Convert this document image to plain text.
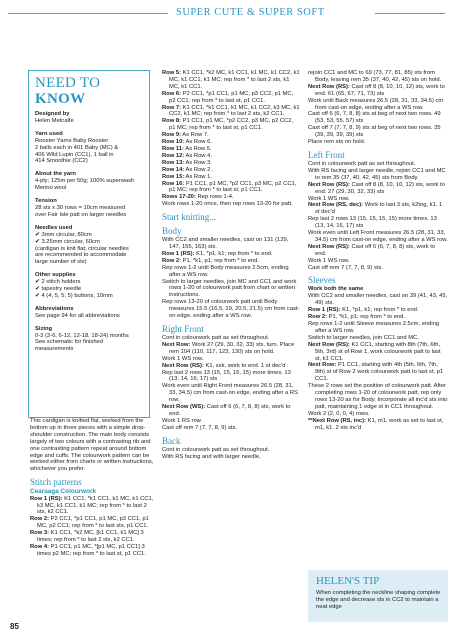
SUPER CUTE & SUPER SOFT
NEED TO KNOW
Designed by
Helen Metcalfe
Yarn used
Rooster Yarns Baby Rooster
2 balls each in 401 Baby (MC) &
406 Wild Lupin (CC1), 1 ball in
414 Smoothie (CC2)
About the yarn
4-ply; 125m per 50g; 100% superwash
Merino wool
Tension
28 sts x 30 rows = 10cm measured
over Fair Isle patt on larger needles
Needles used
✔ 3mm circular, 80cm
✔ 3.25mm circular, 60cm
(cardigan is knit flat; circular needles
are recommended to accommodate
large number of sts)
Other supplies
✔ 2 stitch holders
✔ tapestry needle
✔ 4 (4, 5, 5, 5) buttons, 10mm
Abbreviations
See page 94 for all abbreviations
Sizing
0-3 (3-6, 6-12, 12-18, 18-24) months
See schematic for finished
measurements

This cardigan is knitted flat, worked from the bottom up in three pieces with a simple drop-shoulder construction. The main body consists largely of two colours with a contrasting rib and one contrasting pattern repeat around bottom edge and cuffs. The colourwork pattern can be worked either from charts or written instructions, whichever you prefer.

Stitch patterns
Cearaaga Colourwork

Row 1 (RS): K1 CC1, *k1 CC1, k1 MC, k1 CC1, k3 MC, k1 CC1, k1 MC; rep from * to last 2 sts, k2 CC1.

Row 2: P2 CC1, *p1 CC1, p1 MC, p3 CC1, p1 MC, p2 CC1; rep from * to last sts, p1 CC1.

Row 3: K1 CC1, *k2 MC, [k1 CC1, k1 MC] 3 times; rep from * to last 2 sts, k2 CC1.

Row 4: P1 CC1, p1 MC, *[p1 MC, p1 CC1] 3 times p2 MC; rep from * to last st, p1 CC1.

Row 5: K1 CC1, *k2 MC, k1 CC1, k1 MC, k1 CC2, k1 MC, k1 CC1, k1 MC; rep from * to last 2 sts, k1 MC, k1 CC1.

Row 6: P2 CC1, *p1 CC1, p1 MC, p3 CC2, p1 MC, p2 CC1; rep from * to last st, p1 CC1.

Row 7: K1 CC1, *k1 CC1, k1 MC, k1 CC2, k3 MC, k1 CC2, k1 MC; rep from * to last 2 sts, k2 CC1.

Row 8: P1 CC1, p1 MC, *p2 CC2, p3 MC, p2 CC2, p1 MC; rep from * to last st, p1 CC1.

Row 9: As Row 7.

Row 10: As Row 6.

Row 11: As Row 5.

Row 12: As Row 4.

Row 13: As Row 3.

Row 14: As Row 2.

Row 15: As Row 1.

Row 16: P1 CC1, p1 MC, *p2 CC1, p3 MC, p2 CC1, p1 MC; rep from * to last st, p1 CC1.

Rows 17-20: Rep rows 1-4.

Work rows 1-20 once, then rep rows 13-20 for patt.

Start knitting...
Body

With CC2 and smaller needles, cast on 131 (139, 147, 155, 163) sts.

Row 1 (RS): K1, *p1, k1; rep from * to end.

Row 2: P1, *k1, p1; rep from * to end.

Rep rows 1-2 until Body measures 2.5cm, ending after a WS row.

Switch to larger needles, join MC and CC1 and work rows 1-20 of colourwork patt from chart or written instructions.

Rep rows 13-20 of colourwork patt until Body measures 15.5 (16.5, 19, 20.5, 21.5) cm from cast-on edge, ending after a WS row.

Right Front

Cont in colourwork patt as set throughout.

Next Row: Work 27 (29, 30, 32, 33) sts, turn. Place rem 104 (110, 117, 123, 130) sts on hold.

Work 1 WS row.

Next Row (RS): K1, ssk, work to end. 1 st dec'd

Rep last 2 rows 13 (15, 15, 15, 15) more times. 13 (13, 14, 16, 17) sts

Work even until Right Front measures 26.5 (28, 31, 33, 34.5) cm from cast-on edge, ending after a RS row.

Next Row (WS): Cast off 6 (6, 7, 8, 8) sts, work to end.

Work 1 RS row.

Cast off rem 7 (7, 7, 8, 9) sts.

Back

Cont in colourwork patt as set throughout.

With RS facing and with larger needle,

rejoin CC1 and MC to 69 (73, 77, 81, 85) sts from Body, leaving rem 35 (37, 40, 42, 45) sts on hold.

Next Row (RS): Cast off 8 (8, 10, 10, 12) sts, work to end. 61 (65, 67, 71, 73) sts

Work until Back measures 26.5 (28, 31, 33, 34.5) cm from cast-on edge, ending after a WS row.

Cast off 6 (6, 7, 8, 8) sts at beg of next two rows. 49 (53, 53, 55, 57) sts

Cast off 7 (7, 7, 8, 9) sts at beg of next two rows. 35 (39, 39, 39, 39) sts

Place rem sts on hold.

Left Front

Cont in colourwork patt as set throughout.

With RS facing and larger needle, rejoin CC1 and MC to rem 35 (37, 40, 42, 45) sts from Body.

Next Row (RS): Cast off 8 (8, 10, 10, 12) sts, work to end. 27 (29, 30, 32, 33) sts

Work 1 WS row.

Next Row (RS, dec): Work to last 3 sts, k2tog, k1. 1 st dec'd

Rep last 2 rows 13 (15, 15, 15, 15) more times. 13 (13, 14, 16, 17) sts

Work even until Left Front measures 26.5 (28, 31, 33, 34.5) cm from cast-on edge, ending after a WS row.

Next Row (RS): Cast off 6 (6, 7, 8, 8) sts, work to end.

Work 1 WS row.

Cast off rem 7 (7, 7, 8, 9) sts.

Sleeves
Work both the same

With CC2 and smaller needles, cast on 39 (41, 43, 45, 49) sts.

Row 1 (RS): K1, *p1, k1; rep from * to end.

Row 2: P1, *k1, p1; rep from * to end.

Rep rows 1-2 until Sleeve measures 2.5cm, ending after a WS row.

Switch to larger needles, join CC1 and MC.

Next Row (RS): K1 CC1, starting with 8th (7th, 6th, 5th, 3rd) st of Row 1, work colourwork patt to last st, k1 CC1.

Next Row: P1 CC1, starting with 4th (5th, 6th, 7th, 9th) st of Row 2 work colourwork patt to last st, p1 CC1.

These 2 rows set the position of colourwork patt. After completing rows 1-20 of colourwork patt, rep only rows 13-20 as for Body. Incorporate all inc'd sts into patt, maintaining 1 edge st in CC1 throughout.

Work 2 (2, 0, 0, 4) rows.

**Next Row (RS, inc): K1, m1, work as set to last st, m1, k1. 2 sts inc'd

HELEN'S TIP
When completing the neckline shaping complete the edge and decrease sts in CC2 to maintain a neat edge
85
